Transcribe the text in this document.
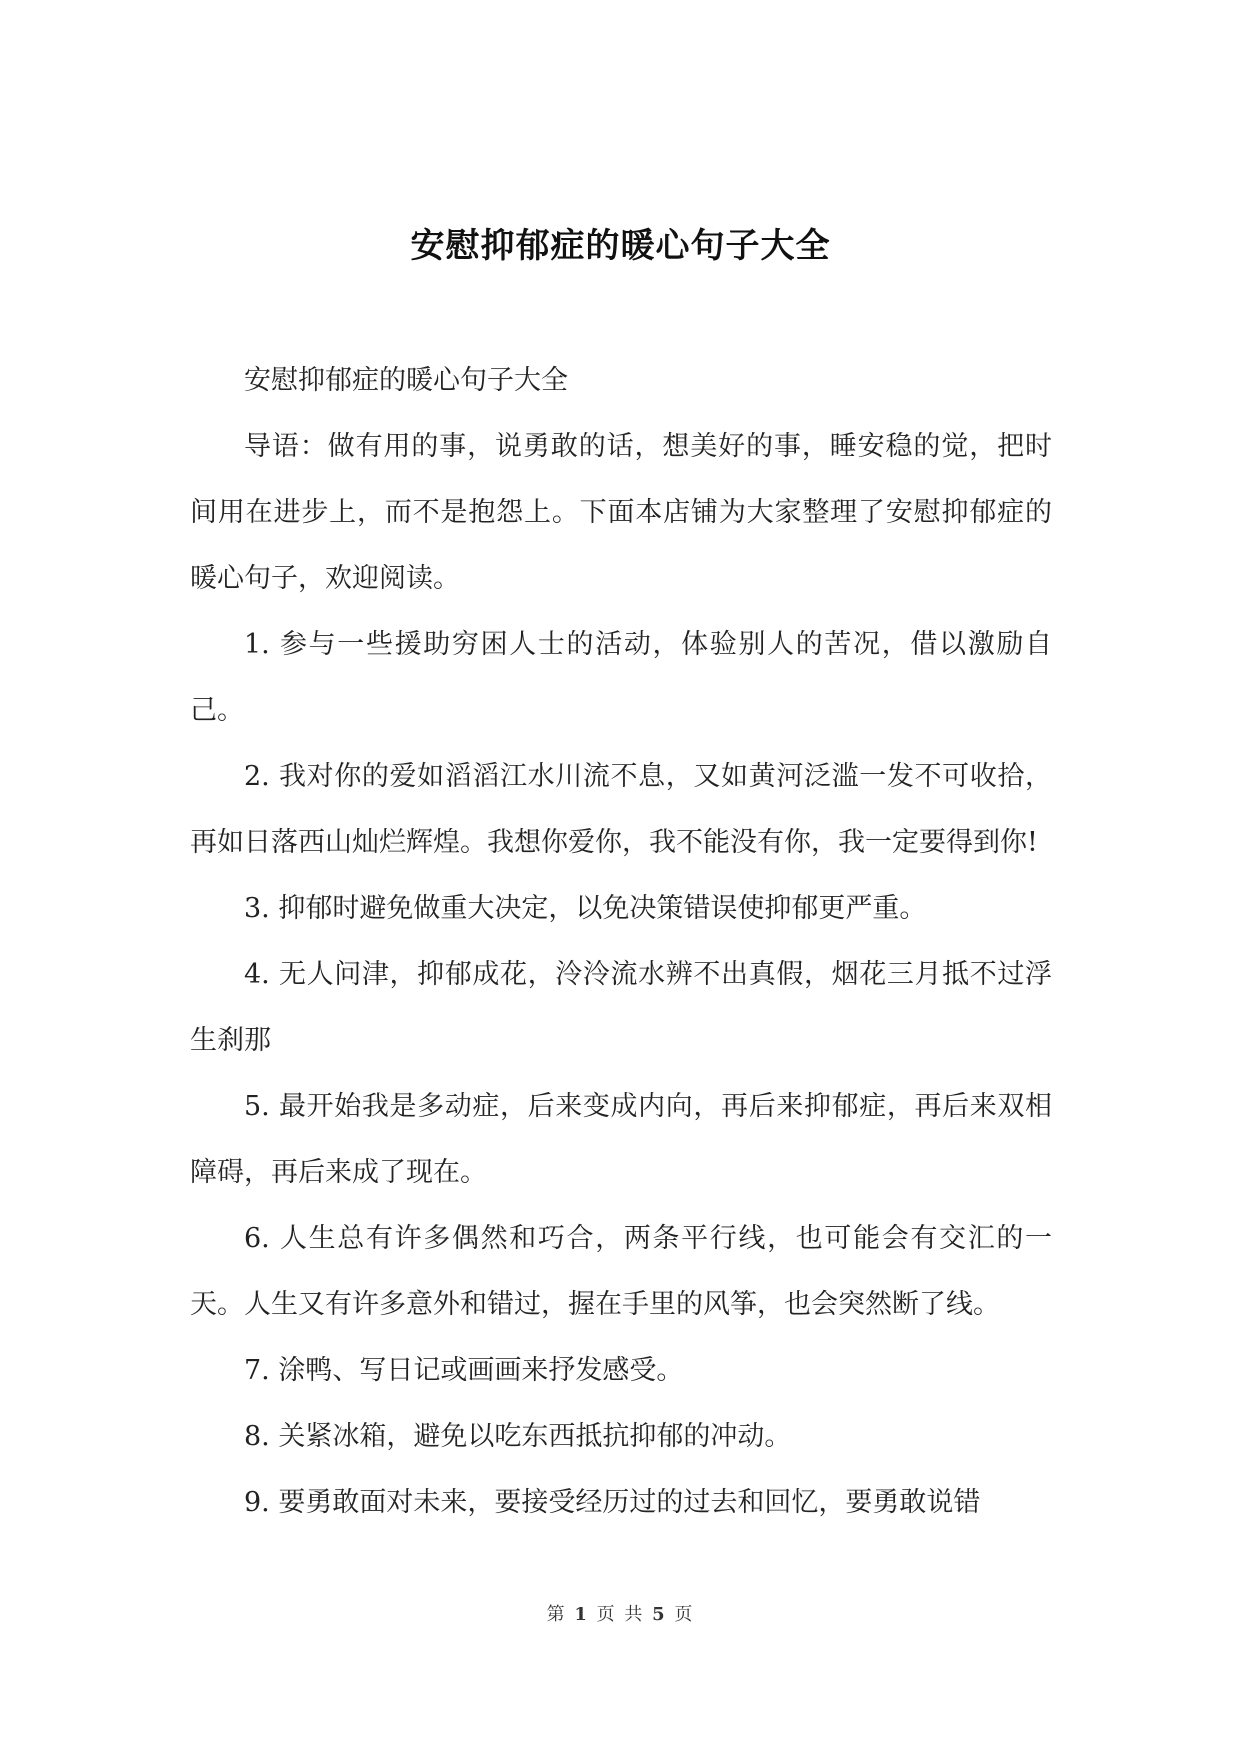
安慰抑郁症的暖心句子大全

安慰抑郁症的暖心句子大全

导语：做有用的事，说勇敢的话，想美好的事，睡安稳的觉，把时间用在进步上，而不是抱怨上。下面本店铺为大家整理了安慰抑郁症的暖心句子，欢迎阅读。

1. 参与一些援助穷困人士的活动，体验别人的苦况，借以激励自己。

2. 我对你的爱如滔滔江水川流不息，又如黄河泛滥一发不可收拾，再如日落西山灿烂辉煌。我想你爱你，我不能没有你，我一定要得到你!

3. 抑郁时避免做重大决定，以免决策错误使抑郁更严重。

4. 无人问津，抑郁成花，泠泠流水辨不出真假，烟花三月抵不过浮生刹那

5. 最开始我是多动症，后来变成内向，再后来抑郁症，再后来双相障碍，再后来成了现在。

6. 人生总有许多偶然和巧合，两条平行线，也可能会有交汇的一天。人生又有许多意外和错过，握在手里的风筝，也会突然断了线。

7. 涂鸭、写日记或画画来抒发感受。

8. 关紧冰箱，避免以吃东西抵抗抑郁的冲动。

9. 要勇敢面对未来，要接受经历过的过去和回忆，要勇敢说错

第 1 页 共 5 页
